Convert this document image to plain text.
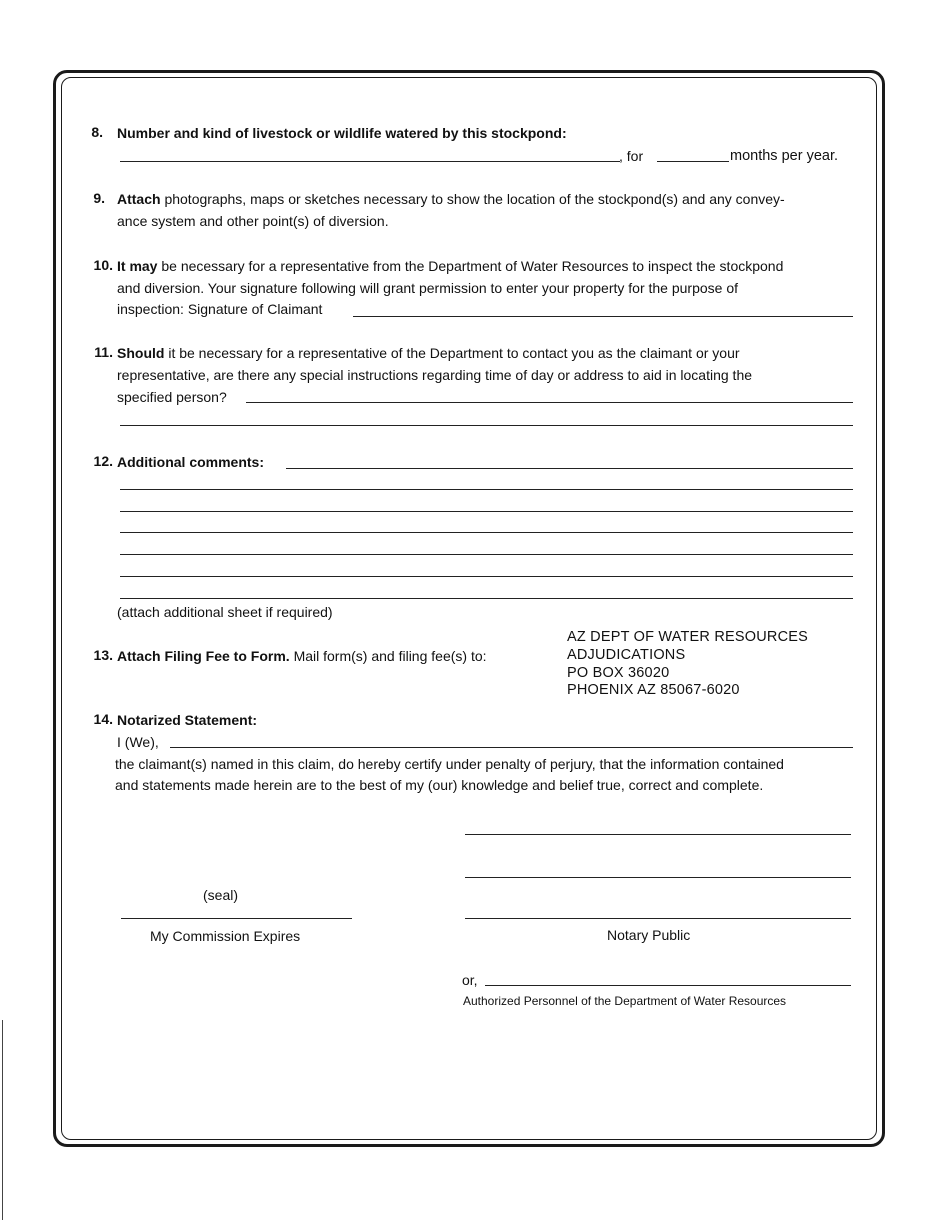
8. Number and kind of livestock or wildlife watered by this stockpond:
, for	months per year.
9. Attach photographs, maps or sketches necessary to show the location of the stockpond(s) and any convey-
ance system and other point(s) of diversion.
10. It may be necessary for a representative from the Department of Water Resources to inspect the stockpond
and diversion. Your signature following will grant permission to enter your property for the purpose of
inspection: Signature of Claimant
11. Should it be necessary for a representative of the Department to contact you as the claimant or your
representative, are there any special instructions regarding time of day or address to aid in locating the
specified person?
12. Additional comments:
(attach additional sheet if required)
13. Attach Filing Fee to Form. Mail form(s) and filing fee(s) to:
AZ DEPT OF WATER RESOURCES
ADJUDICATIONS
PO BOX 36020
PHOENIX AZ 85067-6020
14. Notarized Statement:
I (We),
the claimant(s) named in this claim, do hereby certify under penalty of perjury, that the information contained
and statements made herein are to the best of my (our) knowledge and belief true, correct and complete.
(seal)
My Commission Expires	Notary Public
or,
Authorized Personnel of the Department of Water Resources
